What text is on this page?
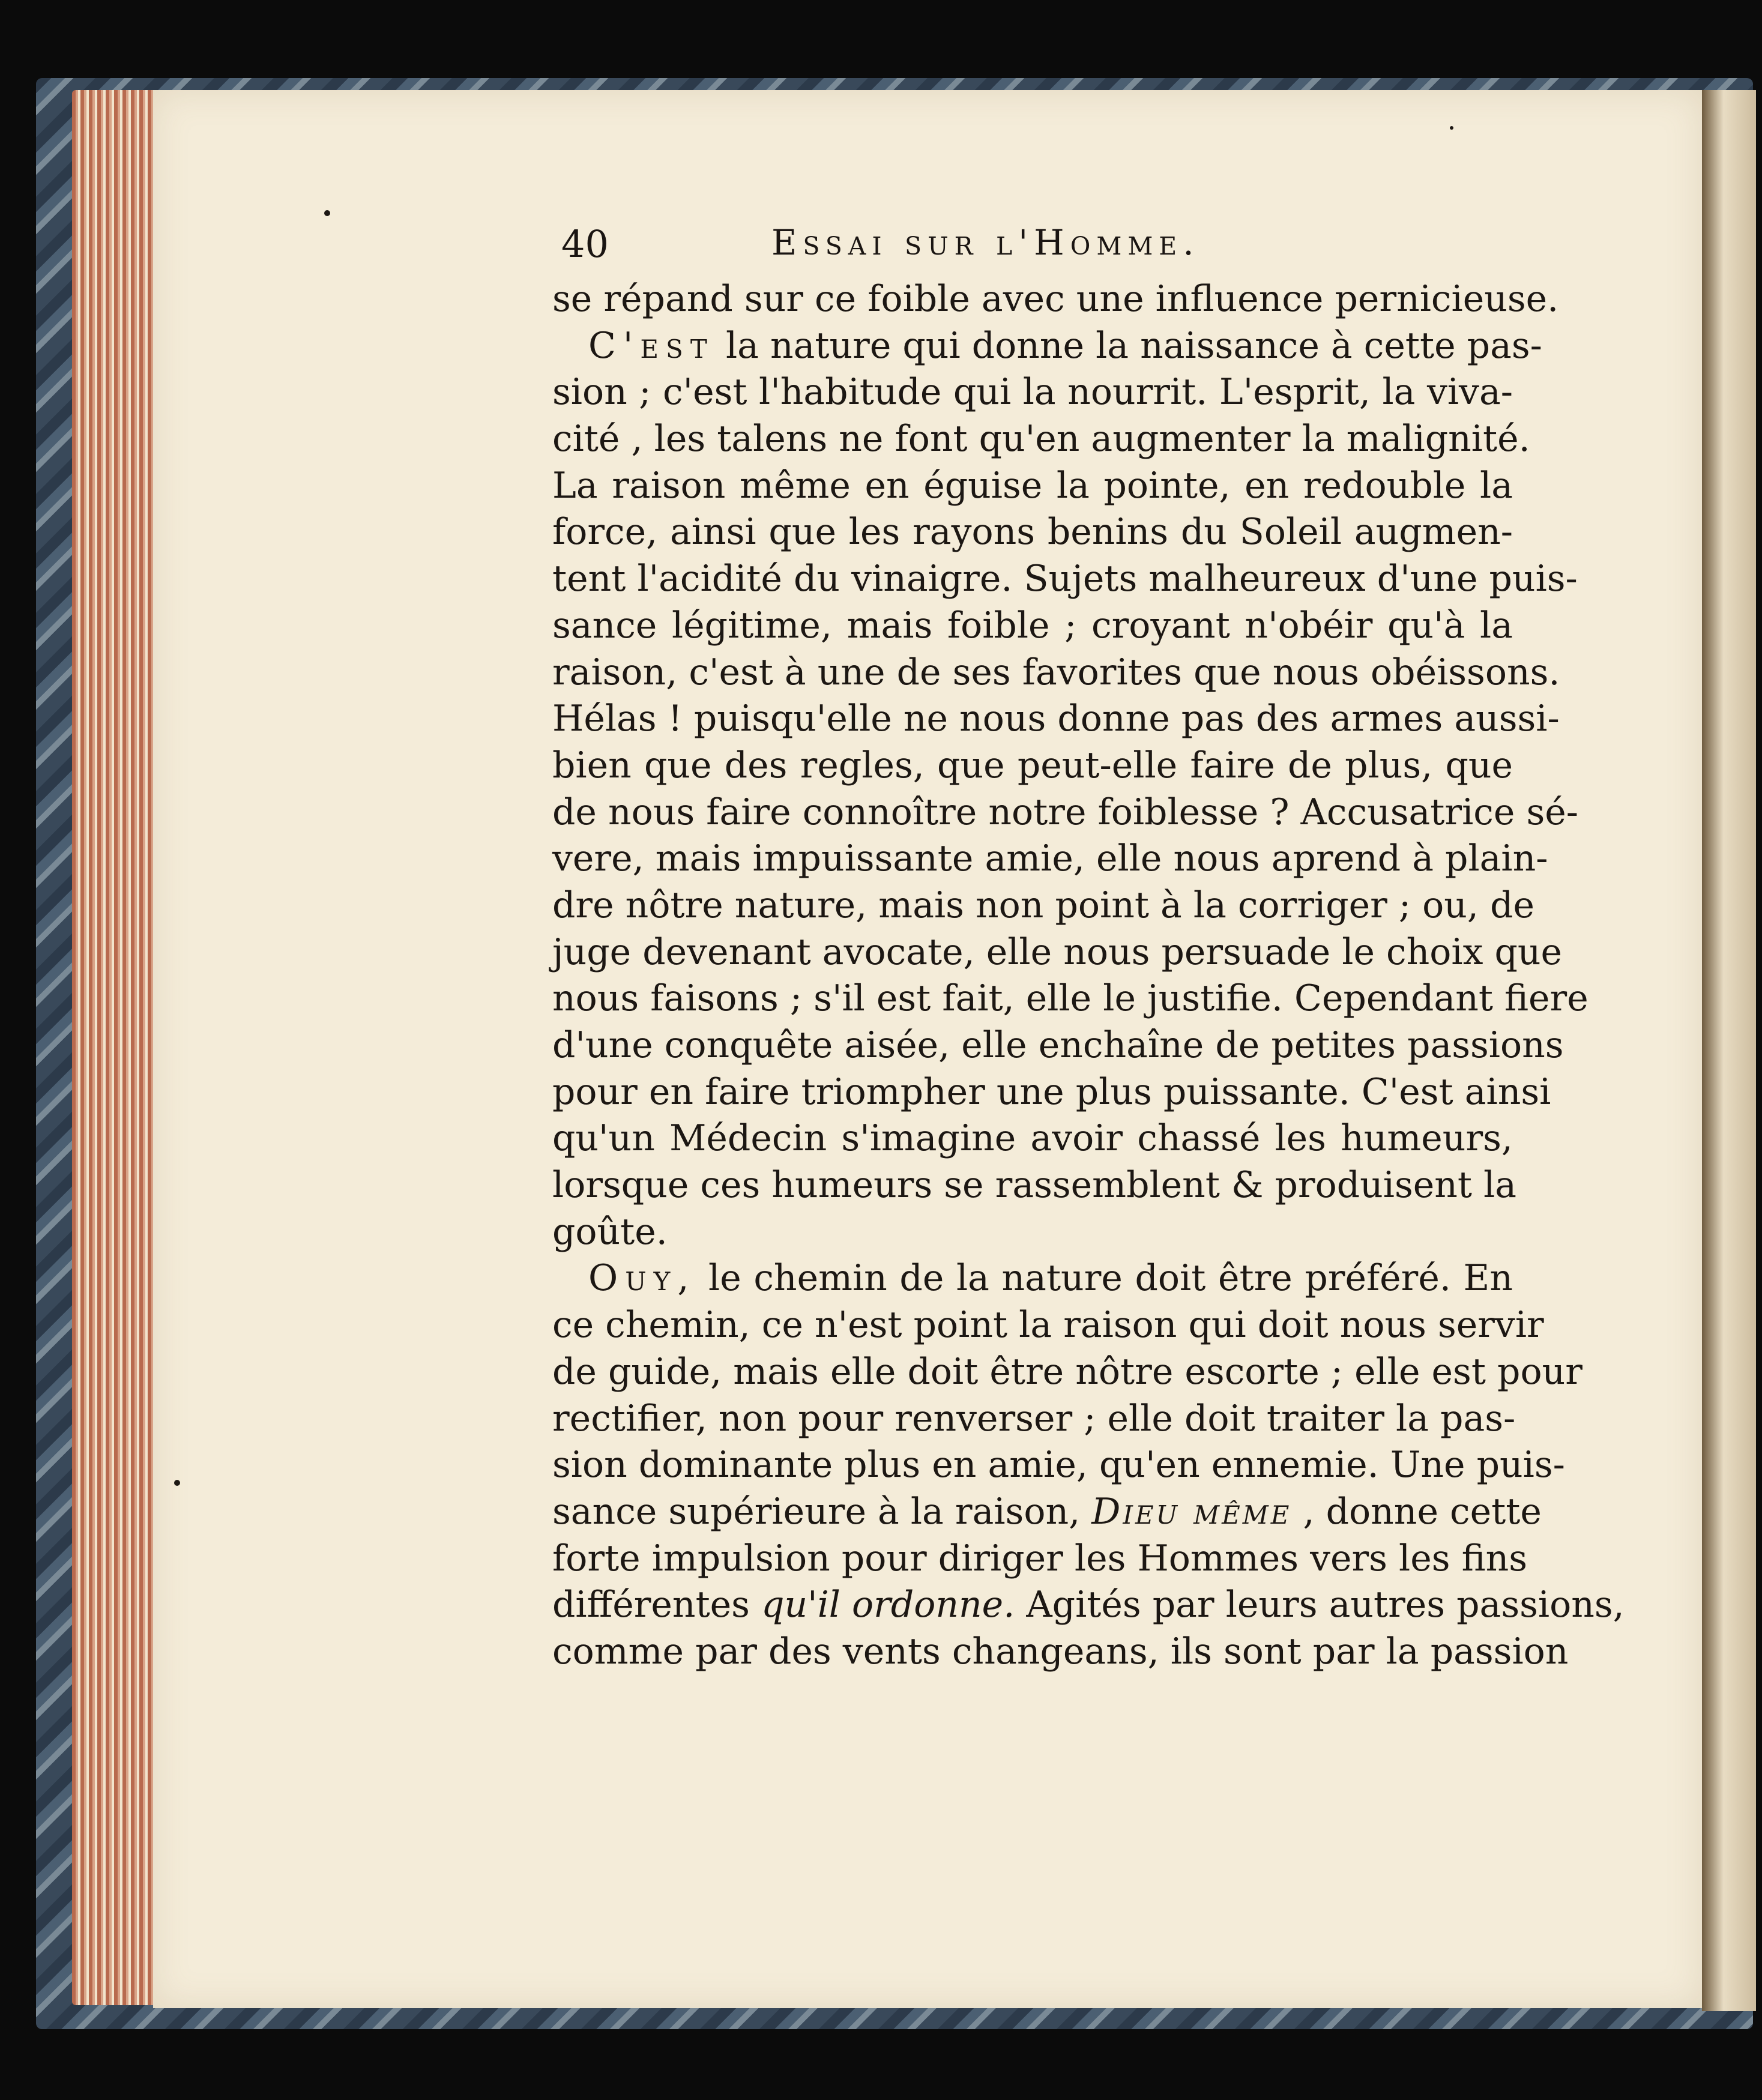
40	Essai sur l'Homme.
se répand sur ce foible avec une influence pernicieuse.
C'est la nature qui donne la naissance à cette pas-
sion ; c'est l'habitude qui la nourrit. L'esprit, la viva-
cité , les talens ne font qu'en augmenter la malignité.
La raison même en éguise la pointe, en redouble la
force, ainsi que les rayons benins du Soleil augmen-
tent l'acidité du vinaigre. Sujets malheureux d'une puis-
sance légitime, mais foible ; croyant n'obéir qu'à la
raison, c'est à une de ses favorites que nous obéissons.
Hélas ! puisqu'elle ne nous donne pas des armes aussi-
bien que des regles, que peut-elle faire de plus, que
de nous faire connoître notre foiblesse ? Accusatrice sé-
vere, mais impuissante amie, elle nous aprend à plain-
dre nôtre nature, mais non point à la corriger ; ou, de
juge devenant avocate, elle nous persuade le choix que
nous faisons ; s'il est fait, elle le justifie. Cependant fiere
d'une conquête aisée, elle enchaîne de petites passions
pour en faire triompher une plus puissante. C'est ainsi
qu'un Médecin s'imagine avoir chassé les humeurs,
lorsque ces humeurs se rassemblent & produisent la
goûte.
Ouy, le chemin de la nature doit être préféré. En
ce chemin, ce n'est point la raison qui doit nous servir
de guide, mais elle doit être nôtre escorte ; elle est pour
rectifier, non pour renverser ; elle doit traiter la pas-
sion dominante plus en amie, qu'en ennemie. Une puis-
sance supérieure à la raison, Dieu même , donne cette
forte impulsion pour diriger les Hommes vers les fins
différentes qu'il ordonne. Agités par leurs autres passions,
comme par des vents changeans, ils sont par la passion
